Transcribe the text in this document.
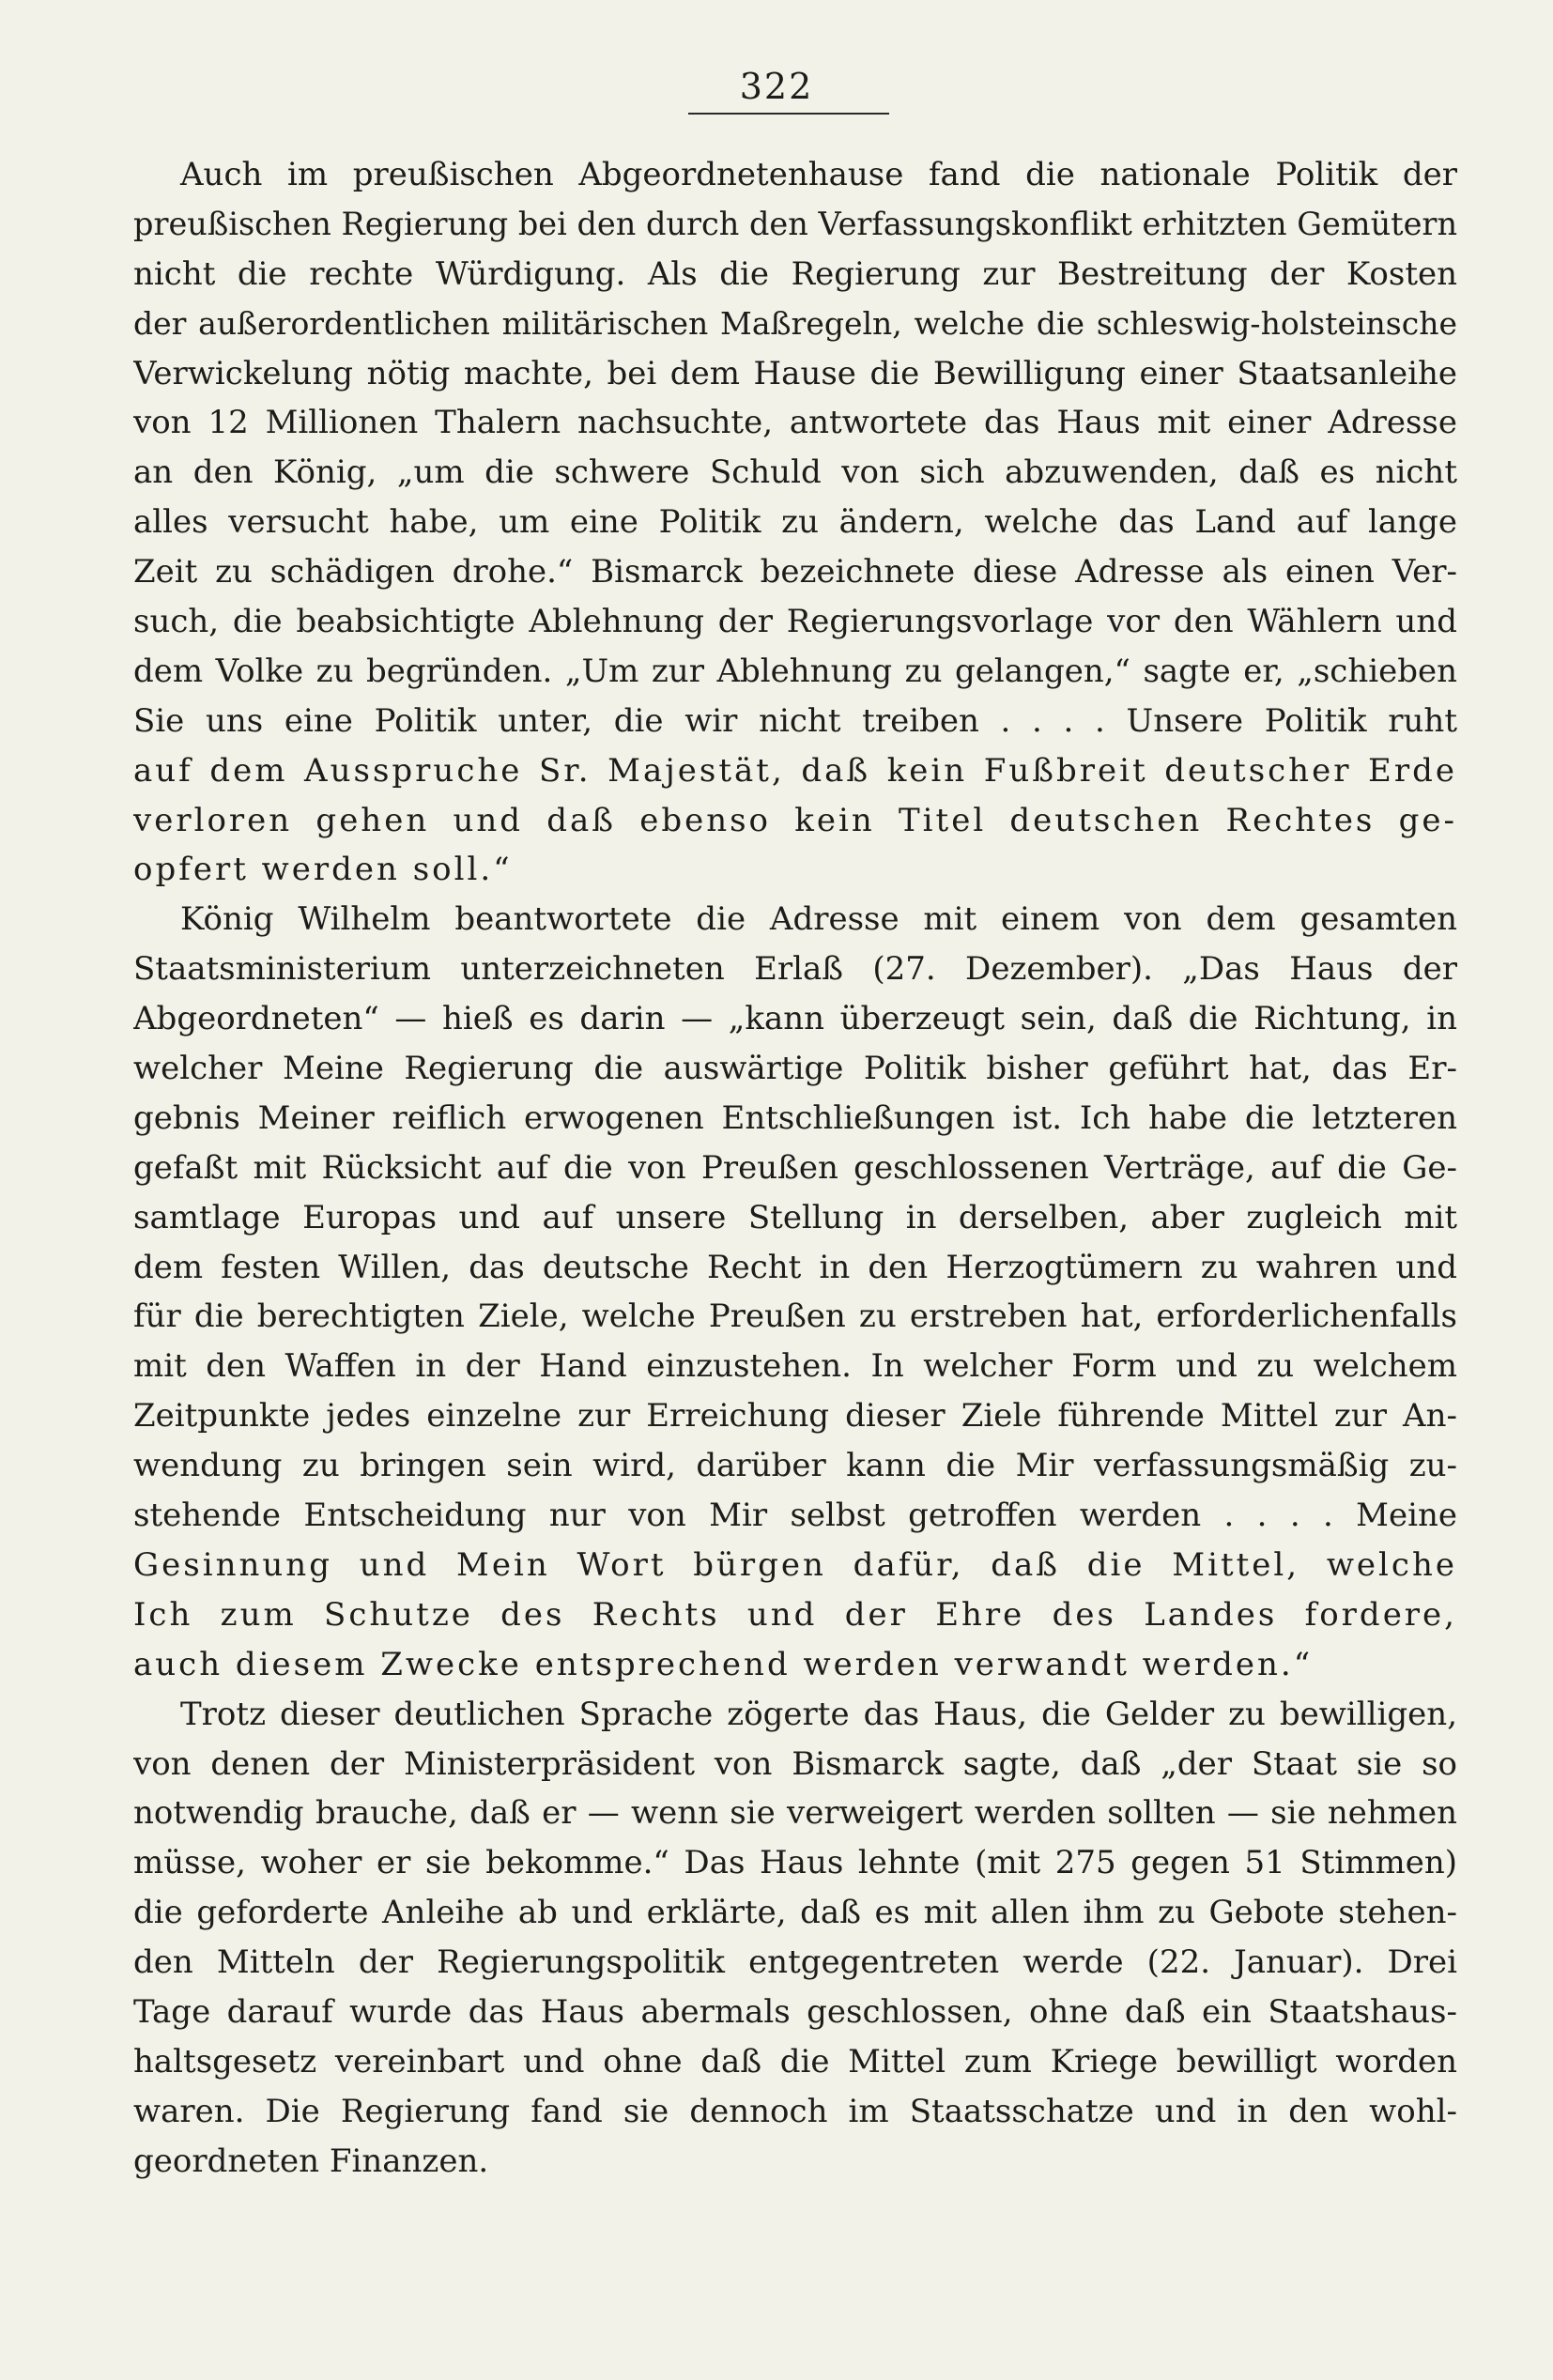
322
Auch im preußischen Abgeordnetenhause fand die nationale Politik der
preußischen Regierung bei den durch den Verfassungskonflikt erhitzten Gemütern
nicht die rechte Würdigung. Als die Regierung zur Bestreitung der Kosten
der außerordentlichen militärischen Maßregeln, welche die schleswig-holsteinsche
Verwickelung nötig machte, bei dem Hause die Bewilligung einer Staatsanleihe
von 12 Millionen Thalern nachsuchte, antwortete das Haus mit einer Adresse
an den König, „um die schwere Schuld von sich abzuwenden, daß es nicht
alles versucht habe, um eine Politik zu ändern, welche das Land auf lange
Zeit zu schädigen drohe.“ Bismarck bezeichnete diese Adresse als einen Ver-
such, die beabsichtigte Ablehnung der Regierungsvorlage vor den Wählern und
dem Volke zu begründen. „Um zur Ablehnung zu gelangen,“ sagte er, „schieben
Sie uns eine Politik unter, die wir nicht treiben . . . . Unsere Politik ruht
auf dem Ausspruche Sr. Majestät, daß kein Fußbreit deutscher Erde
verloren gehen und daß ebenso kein Titel deutschen Rechtes ge-
opfert werden soll.“
König Wilhelm beantwortete die Adresse mit einem von dem gesamten
Staatsministerium unterzeichneten Erlaß (27. Dezember). „Das Haus der
Abgeordneten“ — hieß es darin — „kann überzeugt sein, daß die Richtung, in
welcher Meine Regierung die auswärtige Politik bisher geführt hat, das Er-
gebnis Meiner reiflich erwogenen Entschließungen ist. Ich habe die letzteren
gefaßt mit Rücksicht auf die von Preußen geschlossenen Verträge, auf die Ge-
samtlage Europas und auf unsere Stellung in derselben, aber zugleich mit
dem festen Willen, das deutsche Recht in den Herzogtümern zu wahren und
für die berechtigten Ziele, welche Preußen zu erstreben hat, erforderlichenfalls
mit den Waffen in der Hand einzustehen. In welcher Form und zu welchem
Zeitpunkte jedes einzelne zur Erreichung dieser Ziele führende Mittel zur An-
wendung zu bringen sein wird, darüber kann die Mir verfassungsmäßig zu-
stehende Entscheidung nur von Mir selbst getroffen werden . . . . Meine
Gesinnung und Mein Wort bürgen dafür, daß die Mittel, welche
Ich zum Schutze des Rechts und der Ehre des Landes fordere,
auch diesem Zwecke entsprechend werden verwandt werden.“
Trotz dieser deutlichen Sprache zögerte das Haus, die Gelder zu bewilligen,
von denen der Ministerpräsident von Bismarck sagte, daß „der Staat sie so
notwendig brauche, daß er — wenn sie verweigert werden sollten — sie nehmen
müsse, woher er sie bekomme.“ Das Haus lehnte (mit 275 gegen 51 Stimmen)
die geforderte Anleihe ab und erklärte, daß es mit allen ihm zu Gebote stehen-
den Mitteln der Regierungspolitik entgegentreten werde (22. Januar). Drei
Tage darauf wurde das Haus abermals geschlossen, ohne daß ein Staatshaus-
haltsgesetz vereinbart und ohne daß die Mittel zum Kriege bewilligt worden
waren. Die Regierung fand sie dennoch im Staatsschatze und in den wohl-
geordneten Finanzen.
